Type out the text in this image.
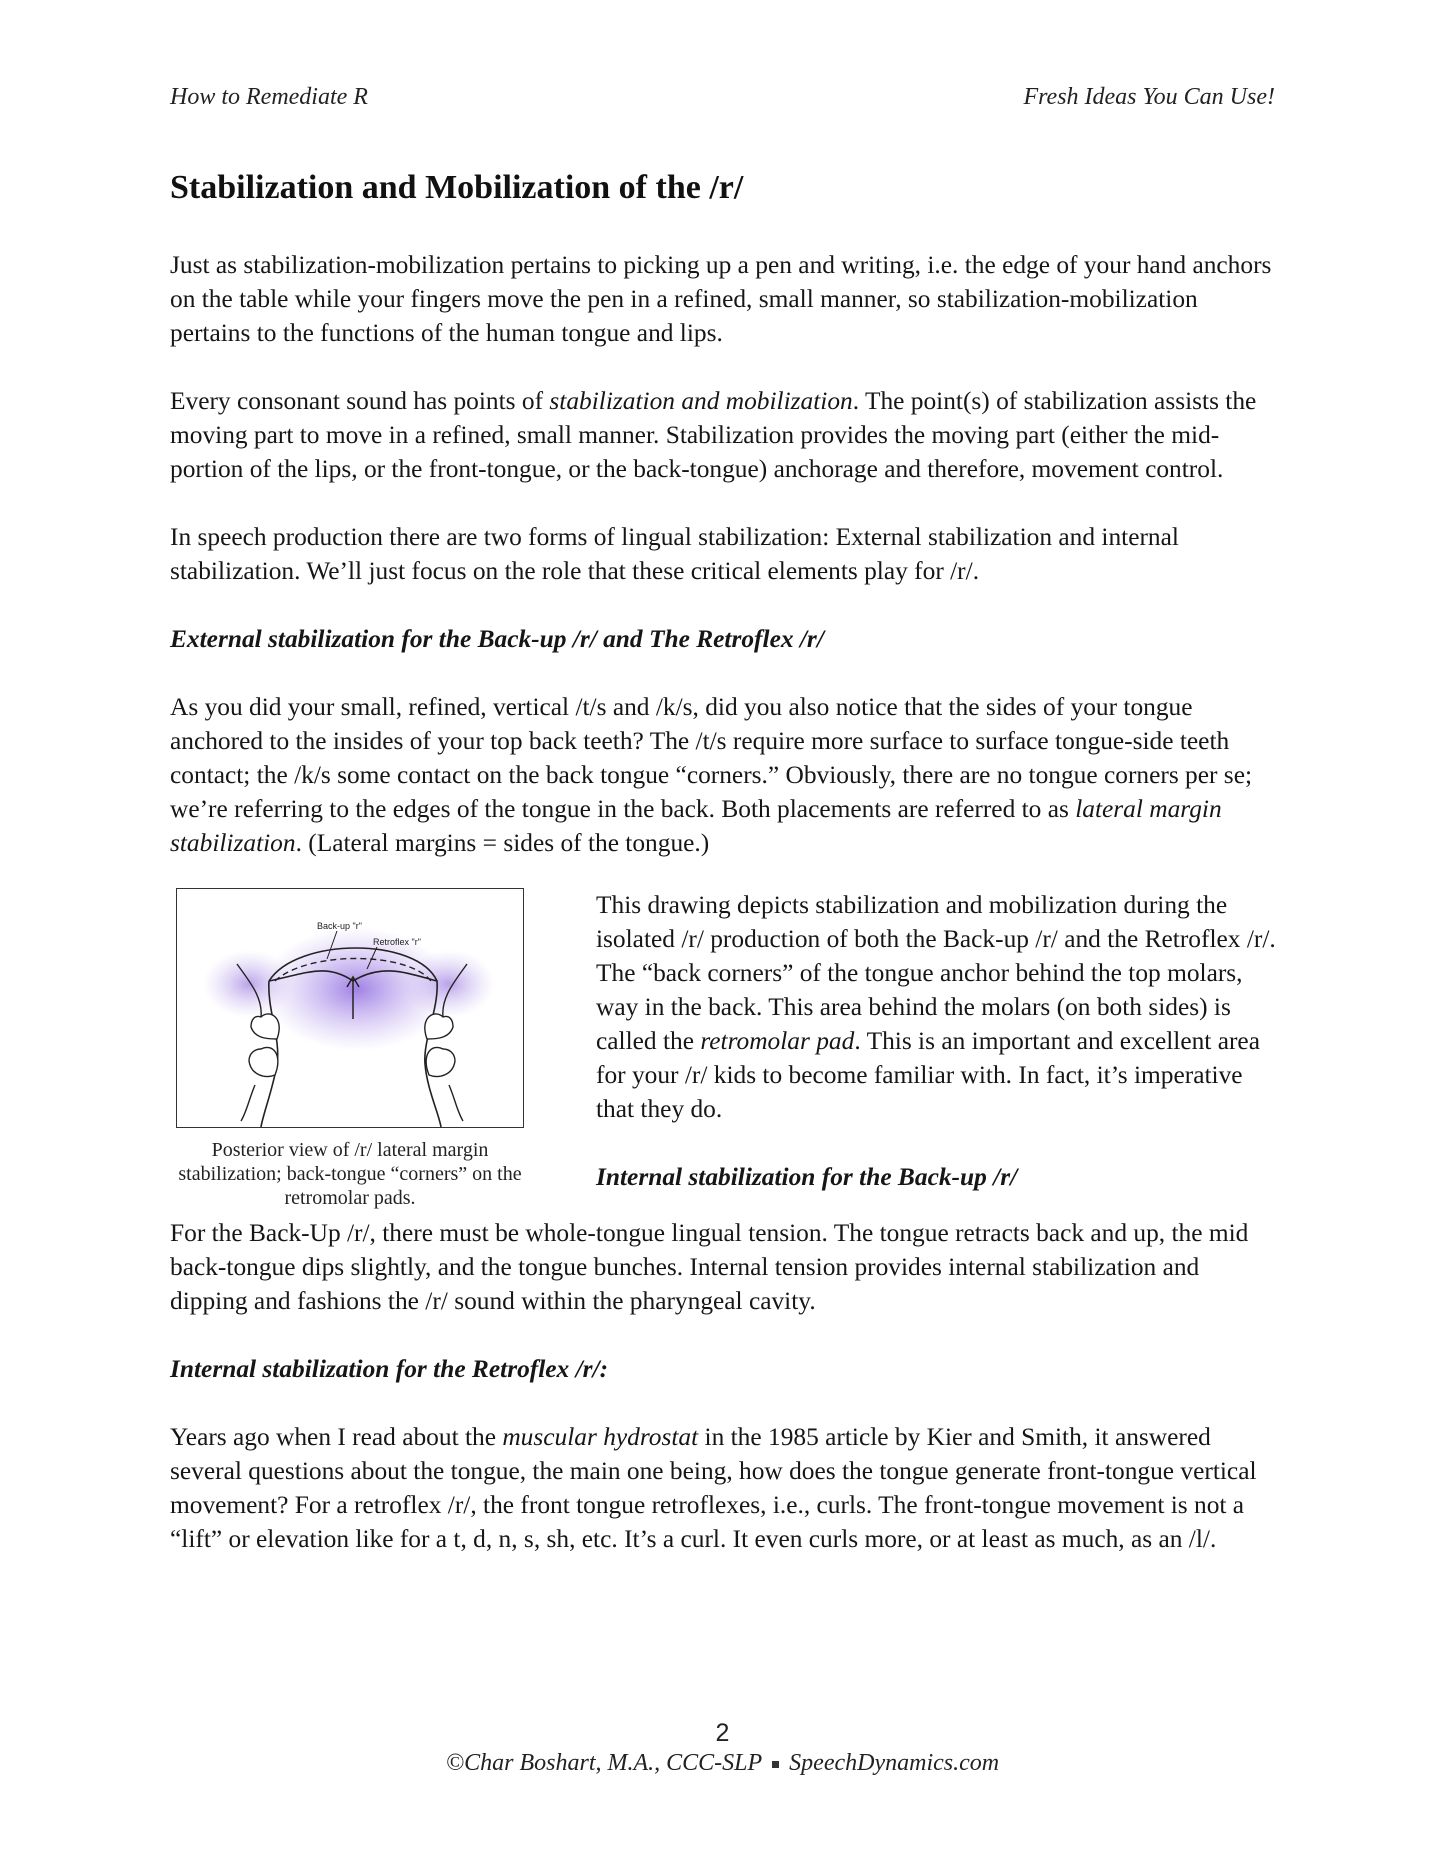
How to Remediate R	Fresh Ideas You Can Use!
Stabilization and Mobilization of the /r/

Just as stabilization-mobilization pertains to picking up a pen and writing, i.e. the edge of your hand anchors on the table while your fingers move the pen in a refined, small manner, so stabilization-mobilization pertains to the functions of the human tongue and lips.

Every consonant sound has points of stabilization and mobilization. The point(s) of stabilization assists the moving part to move in a refined, small manner. Stabilization provides the moving part (either the mid-portion of the lips, or the front-tongue, or the back-tongue) anchorage and therefore, movement control.

In speech production there are two forms of lingual stabilization: External stabilization and internal stabilization. We’ll just focus on the role that these critical elements play for /r/.

External stabilization for the Back-up /r/ and The Retroflex /r/

As you did your small, refined, vertical /t/s and /k/s, did you also notice that the sides of your tongue anchored to the insides of your top back teeth? The /t/s require more surface to surface tongue-side teeth contact; the /k/s some contact on the back tongue “corners.” Obviously, there are no tongue corners per se; we’re referring to the edges of the tongue in the back. Both placements are referred to as lateral margin stabilization. (Lateral margins = sides of the tongue.)

Back-up "r"
Retroflex "r"
Posterior view of /r/ lateral margin stabilization; back-tongue “corners” on the retromolar pads.

This drawing depicts stabilization and mobilization during the isolated /r/ production of both the Back-up /r/ and the Retroflex /r/. The “back corners” of the tongue anchor behind the top molars, way in the back. This area behind the molars (on both sides) is called the retromolar pad. This is an important and excellent area for your /r/ kids to become familiar with. In fact, it’s imperative that they do.

Internal stabilization for the Back-up /r/

For the Back-Up /r/, there must be whole-tongue lingual tension. The tongue retracts back and up, the mid back-tongue dips slightly, and the tongue bunches. Internal tension provides internal stabilization and dipping and fashions the /r/ sound within the pharyngeal cavity.

Internal stabilization for the Retroflex /r/:

Years ago when I read about the muscular hydrostat in the 1985 article by Kier and Smith, it answered several questions about the tongue, the main one being, how does the tongue generate front-tongue vertical movement? For a retroflex /r/, the front tongue retroflexes, i.e., curls. The front-tongue movement is not a “lift” or elevation like for a t, d, n, s, sh, etc. It’s a curl. It even curls more, or at least as much, as an /l/.

2
©Char Boshart, M.A., CCC-SLP SpeechDynamics.com
